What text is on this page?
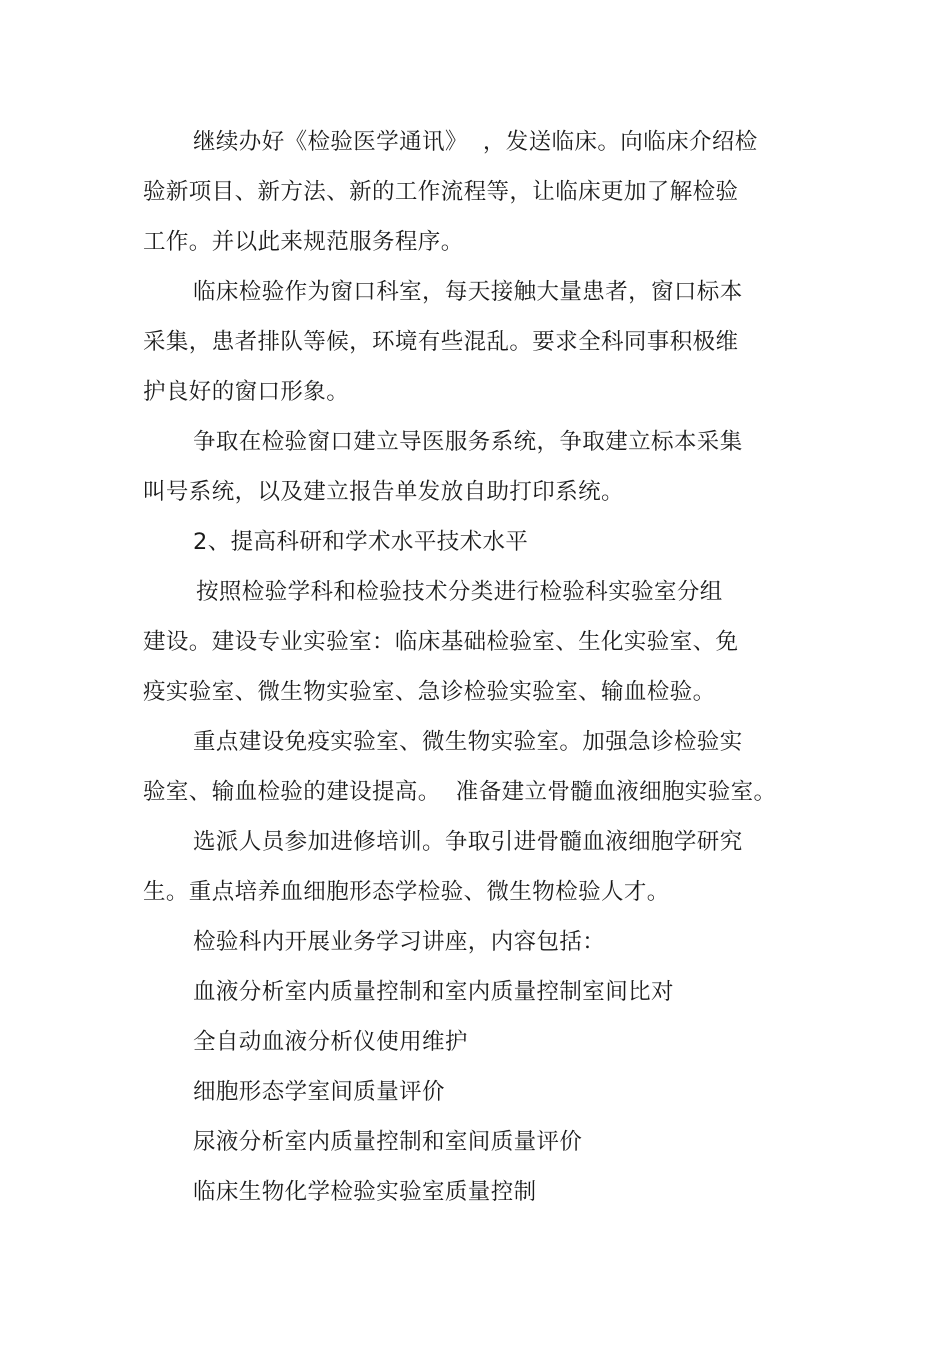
继续办好《检验医学通讯》  ，发送临床。向临床介绍检

验新项目、新方法、新的工作流程等，让临床更加了解检验

工作。并以此来规范服务程序。

临床检验作为窗口科室，每天接触大量患者，窗口标本

采集，患者排队等候，环境有些混乱。要求全科同事积极维

护良好的窗口形象。

争取在检验窗口建立导医服务系统，争取建立标本采集

叫号系统，以及建立报告单发放自助打印系统。

2、提高科研和学术水平技术水平

按照检验学科和检验技术分类进行检验科实验室分组

建设。建设专业实验室：临床基础检验室、生化实验室、免

疫实验室、微生物实验室、急诊检验实验室、输血检验。

重点建设免疫实验室、微生物实验室。加强急诊检验实

验室、输血检验的建设提高。  准备建立骨髓血液细胞实验室。

选派人员参加进修培训。争取引进骨髓血液细胞学研究

生。重点培养血细胞形态学检验、微生物检验人才。

检验科内开展业务学习讲座，内容包括：

血液分析室内质量控制和室内质量控制室间比对

全自动血液分析仪使用维护

细胞形态学室间质量评价

尿液分析室内质量控制和室间质量评价

临床生物化学检验实验室质量控制
